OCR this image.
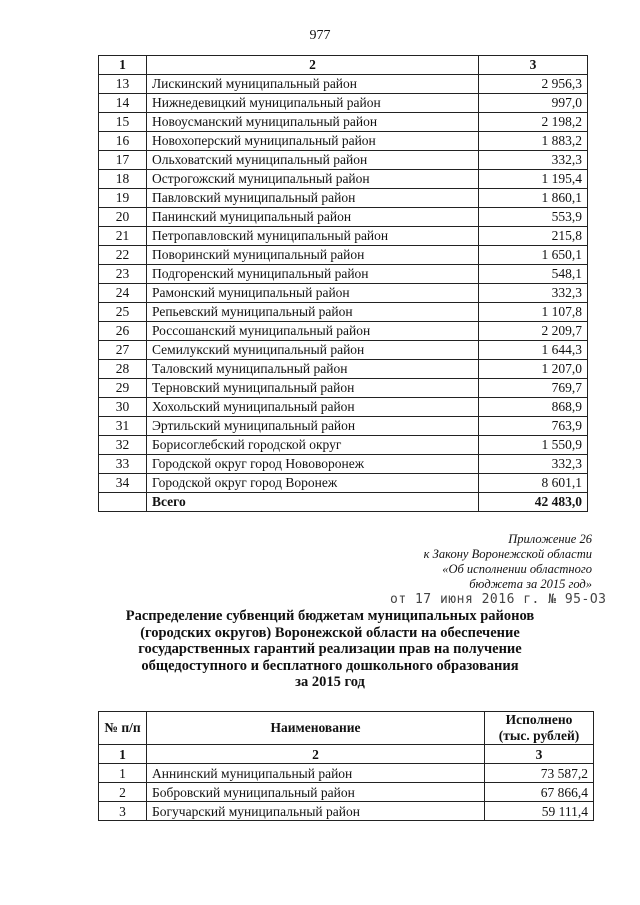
977
1	2	3
13	Лискинский муниципальный район	2 956,3
14	Нижнедевицкий муниципальный район	997,0
15	Новоусманский муниципальный район	2 198,2
16	Новохоперский муниципальный район	1 883,2
17	Ольховатский муниципальный район	332,3
18	Острогожский муниципальный район	1 195,4
19	Павловский муниципальный район	1 860,1
20	Панинский муниципальный район	553,9
21	Петропавловский муниципальный район	215,8
22	Поворинский муниципальный район	1 650,1
23	Подгоренский муниципальный район	548,1
24	Рамонский муниципальный район	332,3
25	Репьевский муниципальный район	1 107,8
26	Россошанский муниципальный район	2 209,7
27	Семилукский муниципальный район	1 644,3
28	Таловский муниципальный район	1 207,0
29	Терновский муниципальный район	769,7
30	Хохольский муниципальный район	868,9
31	Эртильский муниципальный район	763,9
32	Борисоглебский городской округ	1 550,9
33	Городской округ город Нововоронеж	332,3
34	Городской округ город Воронеж	8 601,1
	Всего	42 483,0
Приложение 26
к Закону Воронежской области
«Об исполнении областного
бюджета за 2015 год»
от 17 июня 2016 г. № 95-ОЗ
Распределение субвенций бюджетам муниципальных районов
(городских округов) Воронежской области на обеспечение
государственных гарантий реализации прав на получение
общедоступного и бесплатного дошкольного образования
за 2015 год
№ п/п	Наименование	Исполнено (тыс. рублей)
1	2	3
1	Аннинский муниципальный район	73 587,2
2	Бобровский муниципальный район	67 866,4
3	Богучарский муниципальный район	59 111,4
